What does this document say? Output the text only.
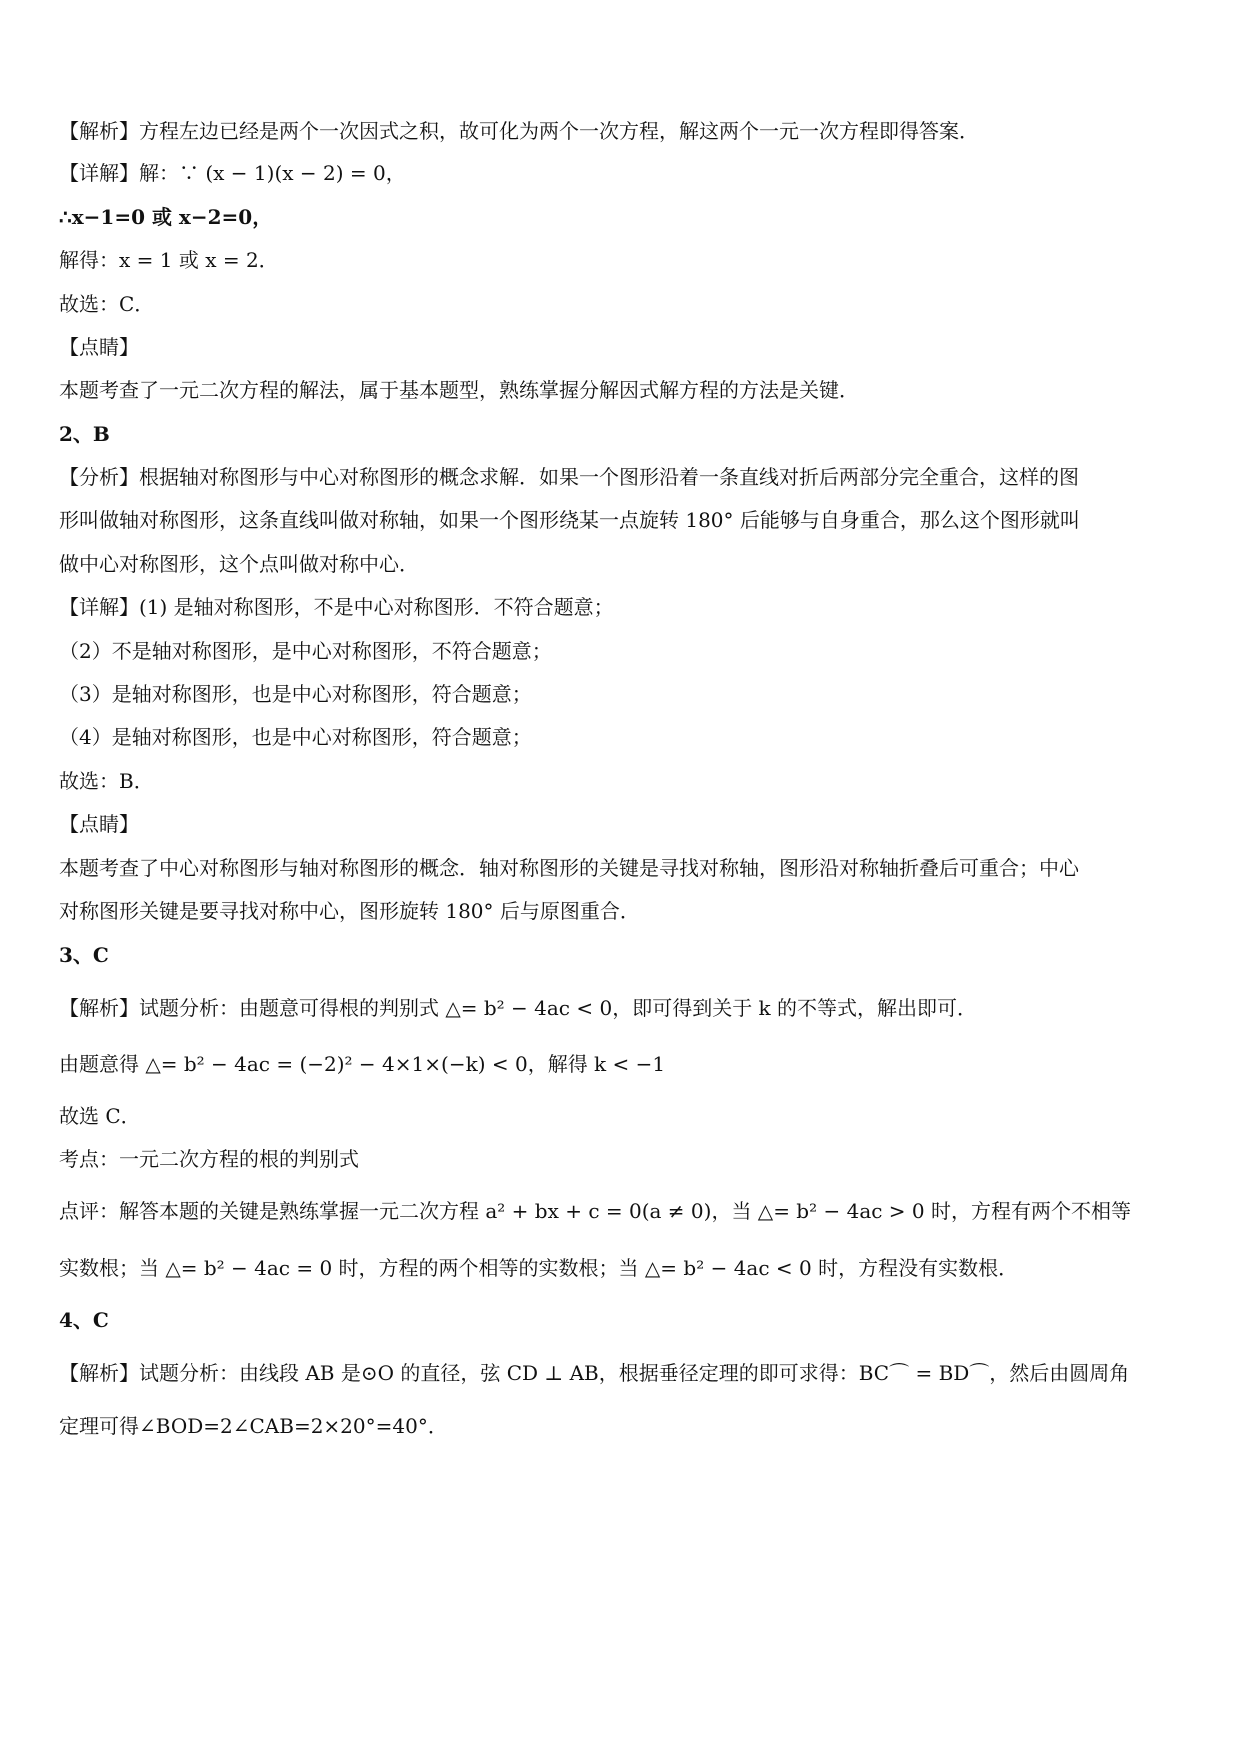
【解析】方程左边已经是两个一次因式之积，故可化为两个一次方程，解这两个一元一次方程即得答案．
【详解】解：∵ (x − 1)(x − 2) = 0，
∴x−1=0 或 x−2=0，
解得：x = 1 或 x = 2．
故选：C．
【点睛】
本题考查了一元二次方程的解法，属于基本题型，熟练掌握分解因式解方程的方法是关键．
2、B
【分析】根据轴对称图形与中心对称图形的概念求解．如果一个图形沿着一条直线对折后两部分完全重合，这样的图
形叫做轴对称图形，这条直线叫做对称轴，如果一个图形绕某一点旋转 180° 后能够与自身重合，那么这个图形就叫
做中心对称图形，这个点叫做对称中心．
【详解】(1) 是轴对称图形，不是中心对称图形．不符合题意；
（2）不是轴对称图形，是中心对称图形，不符合题意；
（3）是轴对称图形，也是中心对称图形，符合题意；
（4）是轴对称图形，也是中心对称图形，符合题意；
故选：B．
【点睛】
本题考查了中心对称图形与轴对称图形的概念．轴对称图形的关键是寻找对称轴，图形沿对称轴折叠后可重合；中心
对称图形关键是要寻找对称中心，图形旋转 180° 后与原图重合．
3、C
【解析】试题分析：由题意可得根的判别式 △= b² − 4ac < 0，即可得到关于 k 的不等式，解出即可．
由题意得 △= b² − 4ac = (−2)² − 4×1×(−k) < 0，解得 k < −1
故选 C．
考点：一元二次方程的根的判别式
点评：解答本题的关键是熟练掌握一元二次方程 a² + bx + c = 0(a ≠ 0)，当 △= b² − 4ac > 0 时，方程有两个不相等
实数根；当 △= b² − 4ac = 0 时，方程的两个相等的实数根；当 △= b² − 4ac < 0 时，方程没有实数根．
4、C
【解析】试题分析：由线段 AB 是⊙O 的直径，弦 CD ⊥ AB，根据垂径定理的即可求得：BC⌒ = BD⌒，然后由圆周角
定理可得∠BOD=2∠CAB=2×20°=40°．
